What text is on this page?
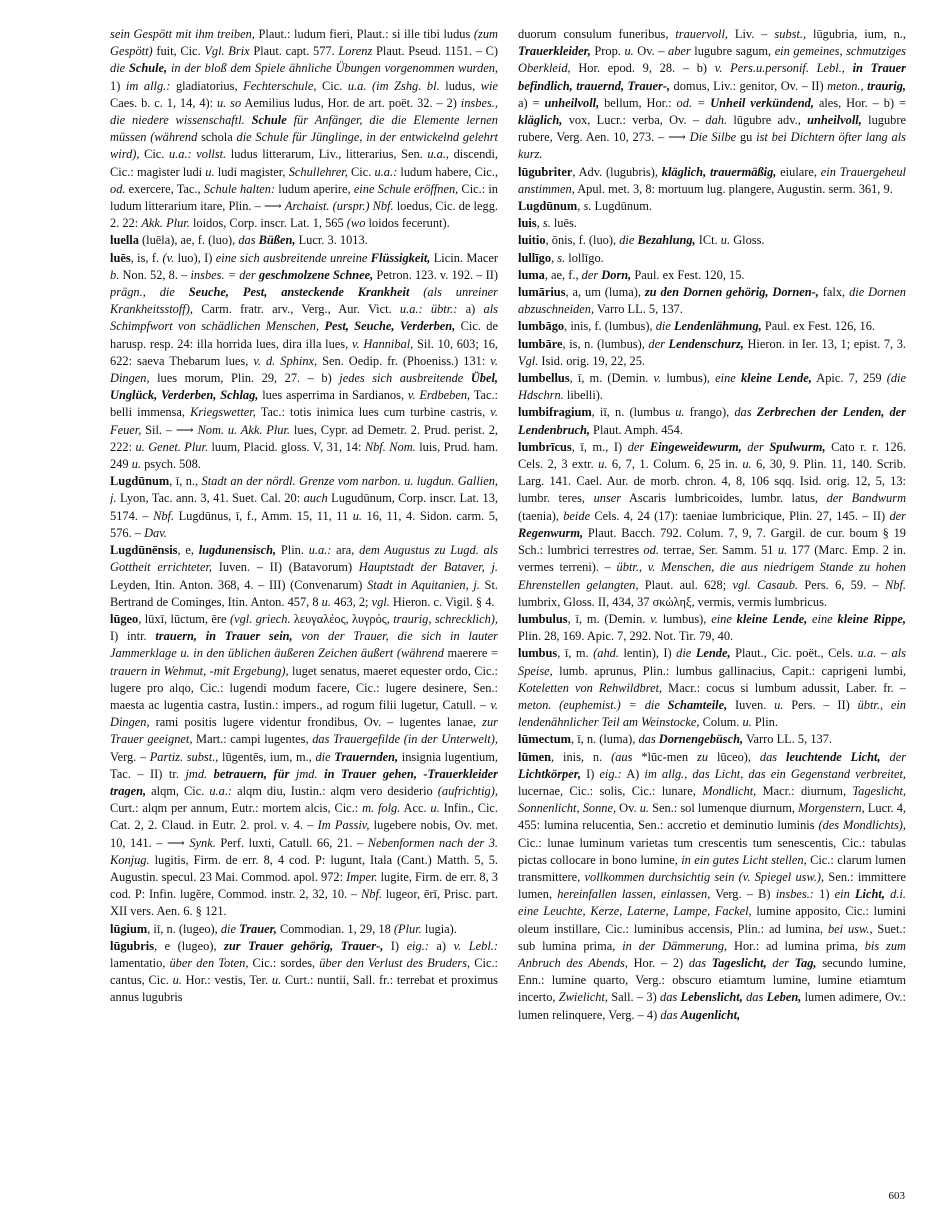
sein Gespött mit ihm treiben, Plaut.: ludum fieri, Plaut.: si ille tibi ludus (zum Gespött) fuit, Cic. Vgl. Brix Plaut. capt. 577. Lorenz Plaut. Pseud. 1151. – C) die Schule, in der bloß dem Spiele ähnliche Übungen vorgenommen wurden, 1) im allg.: gladiatorius, Fechterschule, Cic. u.a. (im Zshg. bl. ludus, wie Caes. b. c. 1, 14, 4): u. so Aemilius ludus, Hor. de art. poët. 32. – 2) insbes., die niedere wissenschaftl. Schule für Anfänger, die die Elemente lernen müssen (während schola die Schule für Jünglinge, in der entwickelnd gelehrt wird), Cic. u.a.: vollst. ludus litterarum, Liv., litterarius, Sen. u.a., discendi, Cic.: magister ludi u. ludi magister, Schullehrer, Cic. u.a.: ludum habere, Cic., od. exercere, Tac., Schule halten: ludum aperire, eine Schule eröffnen, Cic.: in ludum litterarium itare, Plin. – ⟶ Archaist. (urspr.) Nbf. loedus, Cic. de legg. 2. 22: Akk. Plur. loidos, Corp. inscr. Lat. 1, 565 (wo loidos fecerunt).

luella (luēla), ae, f. (luo), das Büßen, Lucr. 3. 1013.

luēs, is, f. (v. luo), I) eine sich ausbreitende unreine Flüssigkeit, Licin. Macer b. Non. 52, 8. – insbes. = der geschmolzene Schnee, Petron. 123. v. 192. – II) prägn., die Seuche, Pest, ansteckende Krankheit (als unreiner Krankheitsstoff), Carm. fratr. arv., Verg., Aur. Vict. u.a.: übtr.: a) als Schimpfwort von schädlichen Menschen, Pest, Seuche, Verderben, Cic. de harusp. resp. 24: illa horrida lues, dira illa lues, v. Hannibal, Sil. 10, 603; 16, 622: saeva Thebarum lues, v. d. Sphinx, Sen. Oedip. fr. (Phoeniss.) 131: v. Dingen, lues morum, Plin. 29, 27. – b) jedes sich ausbreitende Übel, Unglück, Verderben, Schlag, lues asperrima in Sardianos, v. Erdbeben, Tac.: belli immensa, Kriegswetter, Tac.: totis inimica lues cum turbine castris, v. Feuer, Sil. – ⟶ Nom. u. Akk. Plur. lues, Cypr. ad Demetr. 2. Prud. perist. 2, 222: u. Genet. Plur. luum, Placid. gloss. V, 31, 14: Nbf. Nom. luis, Prud. ham. 249 u. psych. 508.

Lugdūnum, ī, n., Stadt an der nördl. Grenze vom narbon. u. lugdun. Gallien, j. Lyon, Tac. ann. 3, 41. Suet. Cal. 20: auch Lugudūnum, Corp. inscr. Lat. 13, 5174. – Nbf. Lugdūnus, ī, f., Amm. 15, 11, 11 u. 16, 11, 4. Sidon. carm. 5, 576. – Dav.

Lugdūnēnsis, e, lugdunensisch, Plin. u.a.: ara, dem Augustus zu Lugd. als Gottheit errichteter, Iuven. – II) (Batavorum) Hauptstadt der Bataver, j. Leyden, Itin. Anton. 368, 4. – III) (Convenarum) Stadt in Aquitanien, j. St. Bertrand de Cominges, Itin. Anton. 457, 8 u. 463, 2; vgl. Hieron. c. Vigil. § 4.

lūgeo, lūxī, lūctum, ēre (vgl. griech. λευγαλέος, λυγρός, traurig, schrecklich), I) intr. trauern, in Trauer sein, von der Trauer, die sich in lauter Jammerklage u. in den üblichen äußeren Zeichen äußert (während maerere = trauern in Wehmut, -mit Ergebung), luget senatus, maeret equester ordo, Cic.: lugere pro alqo, Cic.: lugendi modum facere, Cic.: lugere desinere, Sen.: maesta ac lugentia castra, Iustin.: impers., ad rogum filii lugetur, Catull. – v. Dingen, rami positis lugere videntur frondibus, Ov. – lugentes lanae, zur Trauer geeignet, Mart.: campi lugentes, das Trauergefilde (in der Unterwelt), Verg. – Partiz. subst., lūgentēs, ium, m., die Trauernden, insignia lugentium, Tac. – II) tr. jmd. betrauern, für jmd. in Trauer gehen, -Trauerkleider tragen, alqm, Cic. u.a.: alqm diu, Iustin.: alqm vero desiderio (aufrichtig), Curt.: alqm per annum, Eutr.: mortem alcis, Cic.: m. folg. Acc. u. Infin., Cic. Cat. 2, 2. Claud. in Eutr. 2. prol. v. 4. – Im Passiv, lugebere nobis, Ov. met. 10, 141. – ⟶ Synk. Perf. luxti, Catull. 66, 21. – Nebenformen nach der 3. Konjug. lugitis, Firm. de err. 8, 4 cod. P: lugunt, Itala (Cant.) Matth. 5, 5. Augustin. specul. 23 Mai. Commod. apol. 972: Imper. lugite, Firm. de err. 8, 3 cod. P: Infin. lugĕre, Commod. instr. 2, 32, 10. – Nbf. lugeor, ērī, Prisc. part. XII vers. Aen. 6. § 121.

lūgium, iī, n. (lugeo), die Trauer, Commodian. 1, 29, 18 (Plur. lugia).

lūgubris, e (lugeo), zur Trauer gehörig, Trauer-, I) eig.: a) v. Lebl.: lamentatio, über den Toten, Cic.: sordes, über den Verlust des Bruders, Cic.: cantus, Cic. u. Hor.: vestis, Ter. u. Curt.: nuntii, Sall. fr.: terrebat et proximus annus lugubris

duorum consulum funeribus, trauervoll, Liv. – subst., lūgubria, ium, n., Trauerkleider, Prop. u. Ov. – aber lugubre sagum, ein gemeines, schmutziges Oberkleid, Hor. epod. 9, 28. – b) v. Pers.u.personif. Lebl., in Trauer befindlich, trauernd, Trauer-, domus, Liv.: genitor, Ov. – II) meton., traurig, a) = unheilvoll, bellum, Hor.: od. = Unheil verkündend, ales, Hor. – b) = kläglich, vox, Lucr.: verba, Ov. – dah. lūgubre adv., unheilvoll, lugubre rubere, Verg. Aen. 10, 273. – ⟶ Die Silbe gu ist bei Dichtern öfter lang als kurz.

lūgubriter, Adv. (lugubris), kläglich, trauermäßig, eiulare, ein Trauergeheul anstimmen, Apul. met. 3, 8: mortuum lug. plangere, Augustin. serm. 361, 9.

Lugdūnum, s. Lugdūnum.

luis, s. luēs.

luitio, ōnis, f. (luo), die Bezahlung, ICt. u. Gloss.

lullīgo, s. lollīgo.

luma, ae, f., der Dorn, Paul. ex Fest. 120, 15.

lumārius, a, um (luma), zu den Dornen gehörig, Dornen-, falx, die Dornen abzuschneiden, Varro LL. 5, 137.

lumbāgo, inis, f. (lumbus), die Lendenlähmung, Paul. ex Fest. 126, 16.

lumbāre, is, n. (lumbus), der Lendenschurz, Hieron. in Ier. 13, 1; epist. 7, 3. Vgl. Isid. orig. 19, 22, 25.

lumbellus, ī, m. (Demin. v. lumbus), eine kleine Lende, Apic. 7, 259 (die Hdschrn. libelli).

lumbifragium, iī, n. (lumbus u. frango), das Zerbrechen der Lenden, der Lendenbruch, Plaut. Amph. 454.

lumbrīcus, ī, m., I) der Eingeweidewurm, der Spulwurm, Cato r. r. 126. Cels. 2, 3 extr. u. 6, 7, 1. Colum. 6, 25 in. u. 6, 30, 9. Plin. 11, 140. Scrib. Larg. 141. Cael. Aur. de morb. chron. 4, 8, 106 sqq. Isid. orig. 12, 5, 13: lumbr. teres, unser Ascaris lumbricoides, lumbr. latus, der Bandwurm (taenia), beide Cels. 4, 24 (17): taeniae lumbricique, Plin. 27, 145. – II) der Regenwurm, Plaut. Bacch. 792. Colum. 7, 9, 7. Gargil. de cur. boum § 19 Sch.: lumbrici terrestres od. terrae, Ser. Samm. 51 u. 177 (Marc. Emp. 2 in. vermes terreni). – übtr., v. Menschen, die aus niedrigem Stande zu hohen Ehrenstellen gelangten, Plaut. aul. 628; vgl. Casaub. Pers. 6, 59. – Nbf. lumbrix, Gloss. II, 434, 37 σκώληξ, vermis, vermis lumbricus.

lumbulus, ī, m. (Demin. v. lumbus), eine kleine Lende, eine kleine Rippe, Plin. 28, 169. Apic. 7, 292. Not. Tir. 79, 40.

lumbus, ī, m. (ahd. lentin), I) die Lende, Plaut., Cic. poët., Cels. u.a. – als Speise, lumb. aprunus, Plin.: lumbus gallinacius, Capit.: caprigeni lumbi, Koteletten von Rehwildbret, Macr.: cocus si lumbum adussit, Laber. fr. – meton. (euphemist.) = die Schamteile, Iuven. u. Pers. – II) übtr., ein lendenähnlicher Teil am Weinstocke, Colum. u. Plin.

lūmectum, ī, n. (luma), das Dornengebüsch, Varro LL. 5, 137.

lūmen, inis, n. (aus *lūc-men zu lūceo), das leuchtende Licht, der Lichtkörper, I) eig.: A) im allg., das Licht, das ein Gegenstand verbreitet, lucernae, Cic.: solis, Cic.: lunare, Mondlicht, Macr.: diurnum, Tageslicht, Sonnenlicht, Sonne, Ov. u. Sen.: sol lumenque diurnum, Morgenstern, Lucr. 4, 455: lumina relucentia, Sen.: accretio et deminutio luminis (des Mondlichts), Cic.: lunae luminum varietas tum crescentis tum senescentis, Cic.: tabulas pictas collocare in bono lumine, in ein gutes Licht stellen, Cic.: clarum lumen transmittere, vollkommen durchsichtig sein (v. Spiegel usw.), Sen.: immittere lumen, hereinfallen lassen, einlassen, Verg. – B) insbes.: 1) ein Licht, d.i. eine Leuchte, Kerze, Laterne, Lampe, Fackel, lumine apposito, Cic.: lumini oleum instillare, Cic.: luminibus accensis, Plin.: ad lumina, bei usw., Suet.: sub lumina prima, in der Dämmerung, Hor.: ad lumina prima, bis zum Anbruch des Abends, Hor. – 2) das Tageslicht, der Tag, secundo lumine, Enn.: lumine quarto, Verg.: obscuro etiamtum lumine, lumine etiamtum incerto, Zwielicht, Sall. – 3) das Lebenslicht, das Leben, lumen adimere, Ov.: lumen relinquere, Verg. – 4) das Augenlicht,

603
